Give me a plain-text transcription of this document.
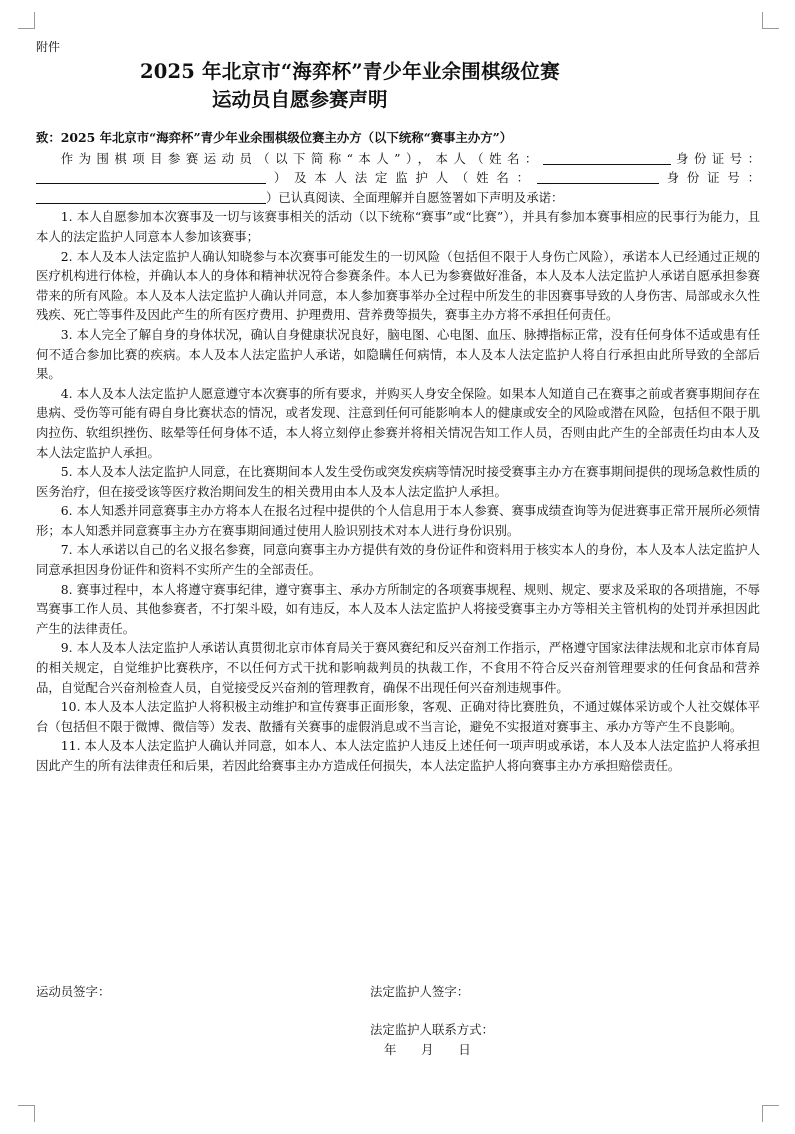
附件
2025 年北京市“海弈杯”青少年业余围棋级位赛
运动员自愿参赛声明
致：2025 年北京市“海弈杯”青少年业余围棋级位赛主办方（以下统称“赛事主办方”）

作为围棋项目参赛运动员（以下简称“本人”），本人（姓名：	身份证号：）及本人法定监护人（姓名：	身份证号：）已认真阅读、全面理解并自愿签署如下声明及承诺：

1. 本人自愿参加本次赛事及一切与该赛事相关的活动（以下统称“赛事”或“比赛”），并具有参加本赛事相应的民事行为能力，且本人的法定监护人同意本人参加该赛事；

2. 本人及本人法定监护人确认知晓参与本次赛事可能发生的一切风险（包括但不限于人身伤亡风险），承诺本人已经通过正规的医疗机构进行体检，并确认本人的身体和精神状况符合参赛条件。本人已为参赛做好准备，本人及本人法定监护人承诺自愿承担参赛带来的所有风险。本人及本人法定监护人确认并同意，本人参加赛事举办全过程中所发生的非因赛事导致的人身伤害、局部或永久性残疾、死亡等事件及因此产生的所有医疗费用、护理费用、营养费等损失，赛事主办方将不承担任何责任。

3. 本人完全了解自身的身体状况，确认自身健康状况良好，脑电图、心电图、血压、脉搏指标正常，没有任何身体不适或患有任何不适合参加比赛的疾病。本人及本人法定监护人承诺，如隐瞒任何病情，本人及本人法定监护人将自行承担由此所导致的全部后果。

4. 本人及本人法定监护人愿意遵守本次赛事的所有要求，并购买人身安全保险。如果本人知道自己在赛事之前或者赛事期间存在患病、受伤等可能有碍自身比赛状态的情况，或者发现、注意到任何可能影响本人的健康或安全的风险或潜在风险，包括但不限于肌肉拉伤、软组织挫伤、眩晕等任何身体不适，本人将立刻停止参赛并将相关情况告知工作人员，否则由此产生的全部责任均由本人及本人法定监护人承担。

5. 本人及本人法定监护人同意，在比赛期间本人发生受伤或突发疾病等情况时接受赛事主办方在赛事期间提供的现场急救性质的医务治疗，但在接受该等医疗救治期间发生的相关费用由本人及本人法定监护人承担。

6. 本人知悉并同意赛事主办方将本人在报名过程中提供的个人信息用于本人参赛、赛事成绩查询等为促进赛事正常开展所必须情形；本人知悉并同意赛事主办方在赛事期间通过使用人脸识别技术对本人进行身份识别。

7. 本人承诺以自己的名义报名参赛，同意向赛事主办方提供有效的身份证件和资料用于核实本人的身份，本人及本人法定监护人同意承担因身份证件和资料不实所产生的全部责任。

8. 赛事过程中，本人将遵守赛事纪律，遵守赛事主、承办方所制定的各项赛事规程、规则、规定、要求及采取的各项措施，不辱骂赛事工作人员、其他参赛者，不打架斗殴，如有违反，本人及本人法定监护人将接受赛事主办方等相关主管机构的处罚并承担因此产生的法律责任。

9. 本人及本人法定监护人承诺认真贯彻北京市体育局关于赛风赛纪和反兴奋剂工作指示，严格遵守国家法律法规和北京市体育局的相关规定，自觉维护比赛秩序，不以任何方式干扰和影响裁判员的执裁工作，不食用不符合反兴奋剂管理要求的任何食品和营养品，自觉配合兴奋剂检查人员，自觉接受反兴奋剂的管理教育，确保不出现任何兴奋剂违规事件。

10. 本人及本人法定监护人将积极主动维护和宣传赛事正面形象，客观、正确对待比赛胜负，不通过媒体采访或个人社交媒体平台（包括但不限于微博、微信等）发表、散播有关赛事的虚假消息或不当言论，避免不实报道对赛事主、承办方等产生不良影响。

11. 本人及本人法定监护人确认并同意，如本人、本人法定监护人违反上述任何一项声明或承诺，本人及本人法定监护人将承担因此产生的所有法律责任和后果，若因此给赛事主办方造成任何损失，本人法定监护人将向赛事主办方承担赔偿责任。

运动员签字：	法定监护人签字：
法定监护人联系方式：
年　　月　　日
